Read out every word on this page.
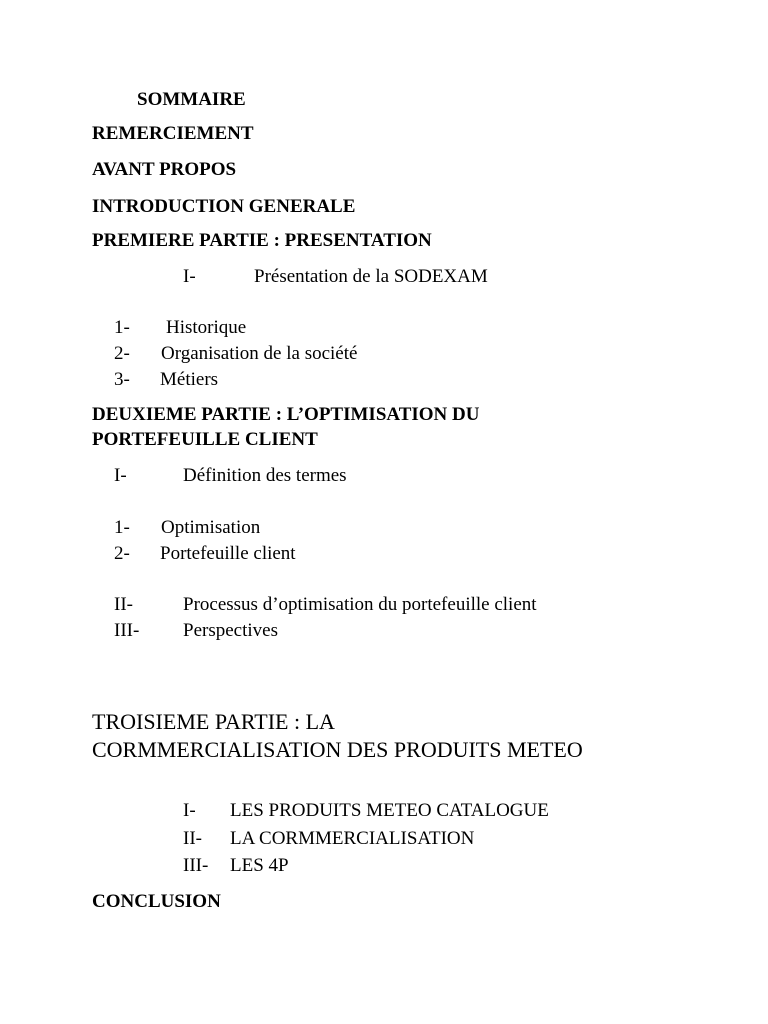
SOMMAIRE
REMERCIEMENT
AVANT PROPOS
INTRODUCTION GENERALE
PREMIERE PARTIE : PRESENTATION
I-	Présentation de la SODEXAM
1- Historique
2- Organisation de la société
3- Métiers
DEUXIEME PARTIE : L’OPTIMISATION DU
PORTEFEUILLE CLIENT
I-	Définition des termes
1- Optimisation
2- Portefeuille client
II-	Processus d’optimisation du portefeuille client
III- Perspectives
TROISIEME PARTIE : LA
CORMMERCIALISATION DES PRODUITS METEO
I- LES PRODUITS METEO CATALOGUE
II- LA CORMMERCIALISATION
III- LES 4P
CONCLUSION
